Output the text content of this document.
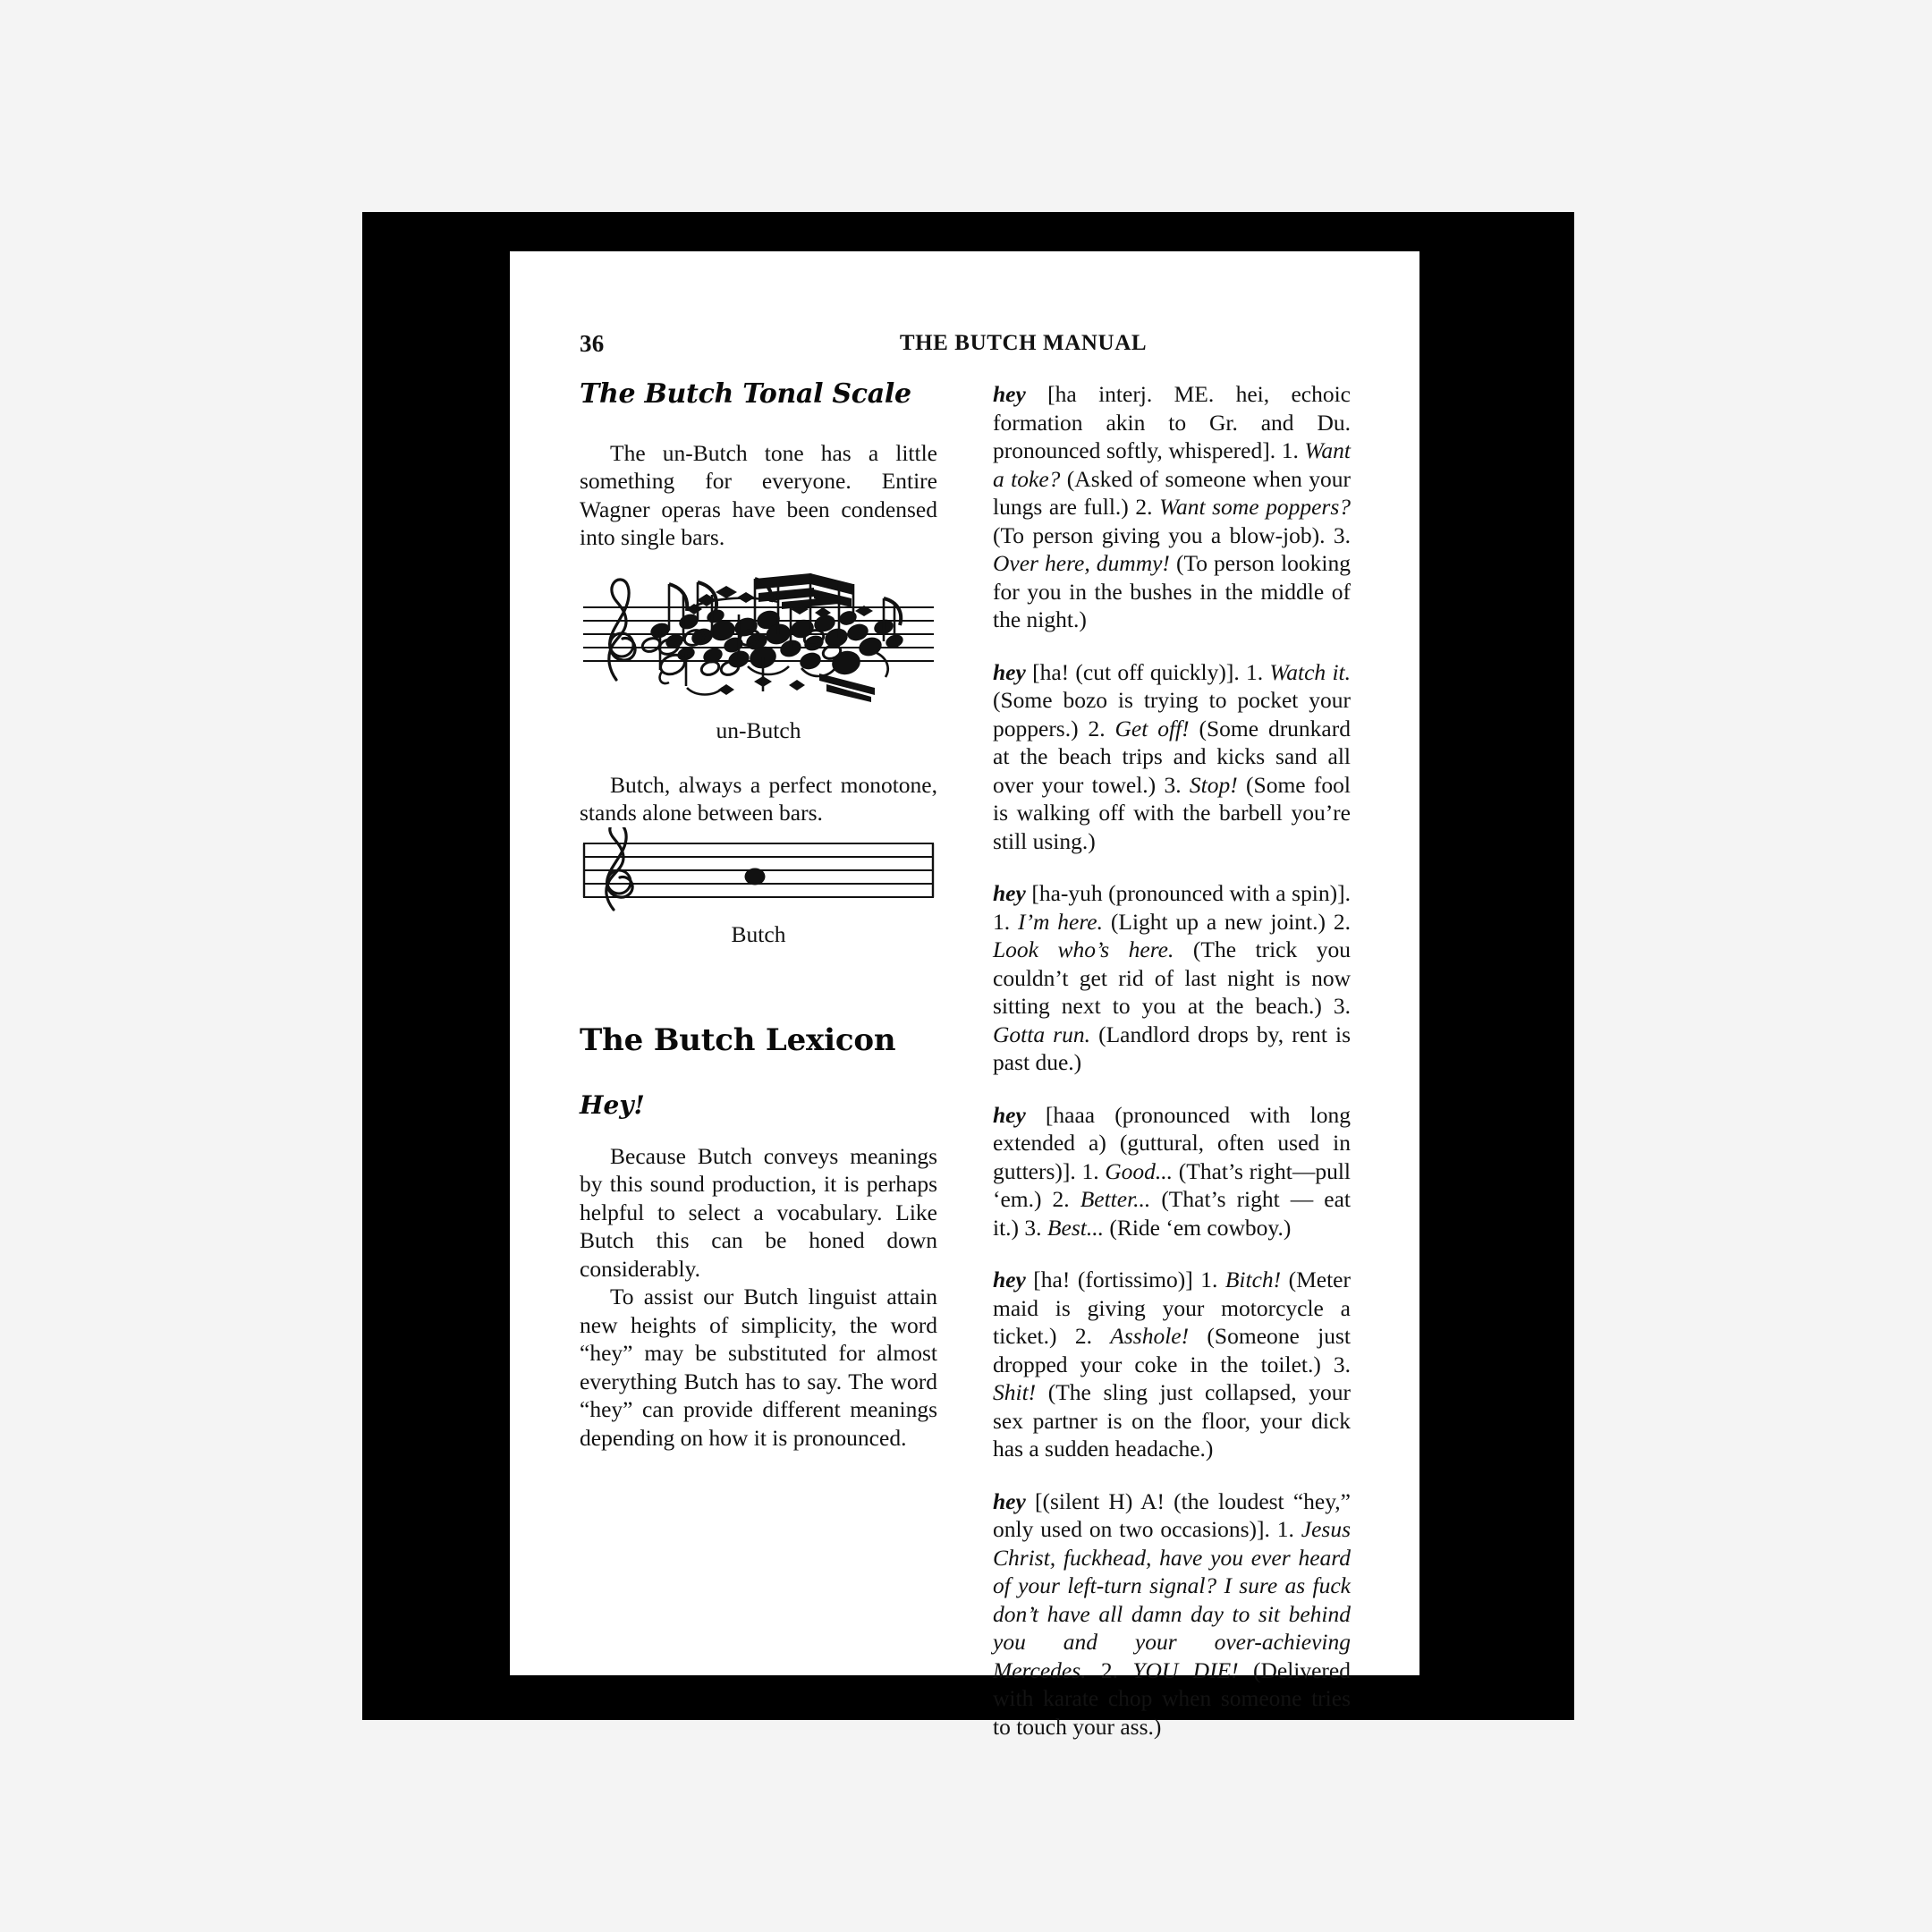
36	THE BUTCH MANUAL
The Butch Tonal Scale

The un-Butch tone has a little something for everyone. Entire Wagner operas have been condensed into single bars.

un-Butch

Butch, always a perfect monotone, stands alone between bars.

Butch
The Butch Lexicon
Hey!

Because Butch conveys meanings by this sound production, it is perhaps helpful to select a vocabulary. Like Butch this can be honed down considerably.

To assist our Butch linguist attain new heights of simplicity, the word “hey” may be substituted for almost everything Butch has to say. The word “hey” can provide different meanings depending on how it is pronounced.

hey [ha interj. ME. hei, echoic formation akin to Gr. and Du. pronounced softly, whispered]. 1. Want a toke? (Asked of someone when your lungs are full.) 2. Want some poppers? (To person giving you a blow-job). 3. Over here, dummy! (To person looking for you in the bushes in the middle of the night.)

hey [ha! (cut off quickly)]. 1. Watch it. (Some bozo is trying to pocket your poppers.) 2. Get off! (Some drunkard at the beach trips and kicks sand all over your towel.) 3. Stop! (Some fool is walking off with the barbell you’re still using.)

hey [ha-yuh (pronounced with a spin)]. 1. I’m here. (Light up a new joint.) 2. Look who’s here. (The trick you couldn’t get rid of last night is now sitting next to you at the beach.) 3. Gotta run. (Landlord drops by, rent is past due.)

hey [haaa (pronounced with long extended a) (guttural, often used in gutters)]. 1. Good... (That’s right—pull ‘em.) 2. Better... (That’s right — eat it.) 3. Best... (Ride ‘em cowboy.)

hey [ha! (fortissimo)] 1. Bitch! (Meter maid is giving your motorcycle a ticket.) 2. Asshole! (Someone just dropped your coke in the toilet.) 3. Shit! (The sling just collapsed, your sex partner is on the floor, your dick has a sudden headache.)

hey [(silent H) A! (the loudest “hey,” only used on two occasions)]. 1. Jesus Christ, fuckhead, have you ever heard of your left-turn signal? I sure as fuck don’t have all damn day to sit behind you and your over-achieving Mercedes. 2. YOU DIE! (Delivered with karate chop when someone tries to touch your ass.)
